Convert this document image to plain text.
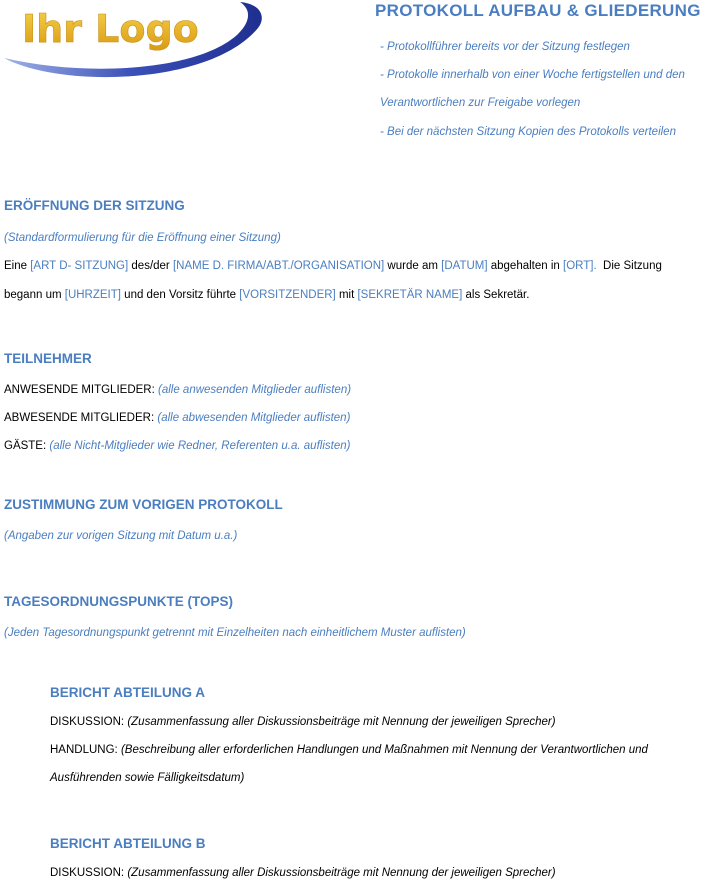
Ihr Logo	PROTOKOLL AUFBAU & GLIEDERUNG

- Protokollführer bereits vor der Sitzung festlegen

- Protokolle innerhalb von einer Woche fertigstellen und den

Verantwortlichen zur Freigabe vorlegen

- Bei der nächsten Sitzung Kopien des Protokolls verteilen

ERÖFFNUNG DER SITZUNG

(Standardformulierung für die Eröffnung einer Sitzung)

Eine [ART D- SITZUNG] des/der [NAME D. FIRMA/ABT./ORGANISATION] wurde am [DATUM] abgehalten in [ORT].  Die Sitzung

begann um [UHRZEIT] und den Vorsitz führte [VORSITZENDER] mit [SEKRETÄR NAME] als Sekretär.

TEILNEHMER

ANWESENDE MITGLIEDER: (alle anwesenden Mitglieder auflisten)

ABWESENDE MITGLIEDER: (alle abwesenden Mitglieder auflisten)

GÄSTE: (alle Nicht-Mitglieder wie Redner, Referenten u.a. auflisten)

ZUSTIMMUNG ZUM VORIGEN PROTOKOLL

(Angaben zur vorigen Sitzung mit Datum u.a.)

TAGESORDNUNGSPUNKTE (TOPS)

(Jeden Tagesordnungspunkt getrennt mit Einzelheiten nach einheitlichem Muster auflisten)

BERICHT ABTEILUNG A

DISKUSSION: (Zusammenfassung aller Diskussionsbeiträge mit Nennung der jeweiligen Sprecher)

HANDLUNG: (Beschreibung aller erforderlichen Handlungen und Maßnahmen mit Nennung der Verantwortlichen und

Ausführenden sowie Fälligkeitsdatum)

BERICHT ABTEILUNG B

DISKUSSION: (Zusammenfassung aller Diskussionsbeiträge mit Nennung der jeweiligen Sprecher)
